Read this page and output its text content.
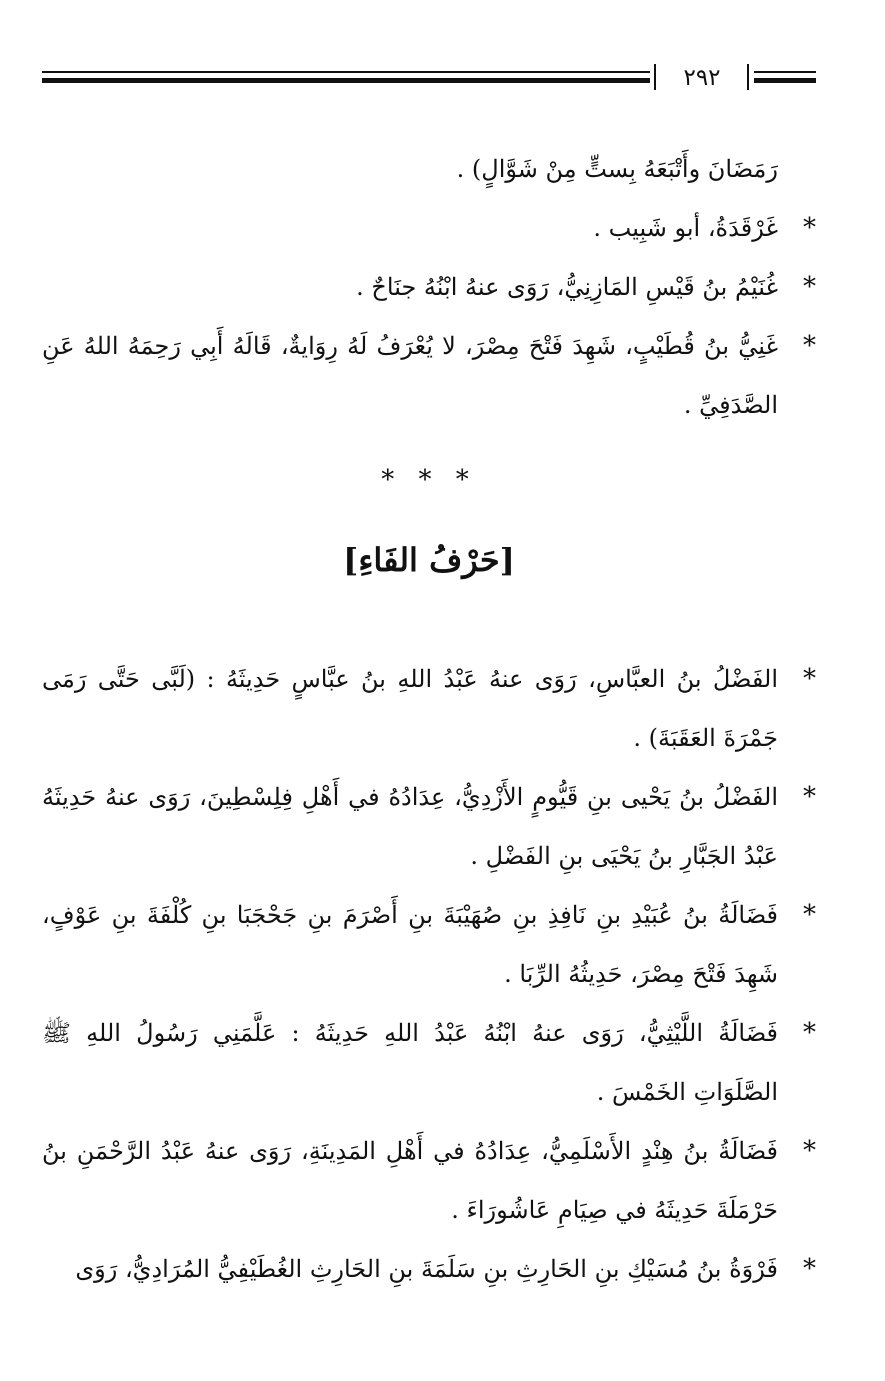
٢٩٢

رَمَضَانَ وأَتْبَعَهُ بِستٍّ مِنْ شَوَّالٍ) .

*

غَرْقَدَةُ، أبو شَبِيب .

*

غُنَيْمُ بنُ قَيْسِ المَازِنِيُّ، رَوَى عنهُ ابْنُهُ جنَاحٌ .

*

غَنِيُّ بنُ قُطَيْبٍ، شَهِدَ فَتْحَ مِصْرَ، لا يُعْرَفُ لَهُ رِوَايةٌ، قَالَهُ أَبِي رَحِمَهُ اللهُ عَنِ الصَّدَفِيِّ .

* * *
[حَرْفُ الفَاءِ]
*

الفَضْلُ بنُ العبَّاسِ، رَوَى عنهُ عَبْدُ اللهِ بنُ عبَّاسٍ حَدِيثَهُ : (لَبَّى حَتَّى رَمَى جَمْرَةَ العَقَبَةَ) .

*

الفَضْلُ بنُ يَحْيى بنِ قَيُّومٍ الأَزْدِيُّ، عِدَادُهُ في أَهْلِ فِلِسْطِينَ، رَوَى عنهُ حَدِيثَهُ عَبْدُ الجَبَّارِ بنُ يَحْيَى بنِ الفَضْلِ .

*

فَضَالَةُ بنُ عُبَيْدِ بنِ نَافِذِ بنِ صُهَيْبَةَ بنِ أَصْرَمَ بنِ جَحْجَبَا بنِ كُلْفَةَ بنِ عَوْفٍ، شَهِدَ فَتْحَ مِصْرَ، حَدِيثُهُ الرِّبَا .

*

فَضَالَةُ اللَّيْثِيُّ، رَوَى عنهُ ابْنُهُ عَبْدُ اللهِ حَدِيثَهُ : عَلَّمَنِي رَسُولُ اللهِ ﷺ الصَّلَوَاتِ الخَمْسَ .

*

فَضَالَةُ بنُ هِنْدٍ الأَسْلَمِيُّ، عِدَادُهُ في أَهْلِ المَدِينَةِ، رَوَى عنهُ عَبْدُ الرَّحْمَنِ بنُ حَرْمَلَةَ حَدِيثَهُ في صِيَامِ عَاشُورَاءَ .

*

فَرْوَةُ بنُ مُسَيْكِ بنِ الحَارِثِ بنِ سَلَمَةَ بنِ الحَارِثِ الغُطَيْفِيُّ المُرَادِيُّ، رَوَى
